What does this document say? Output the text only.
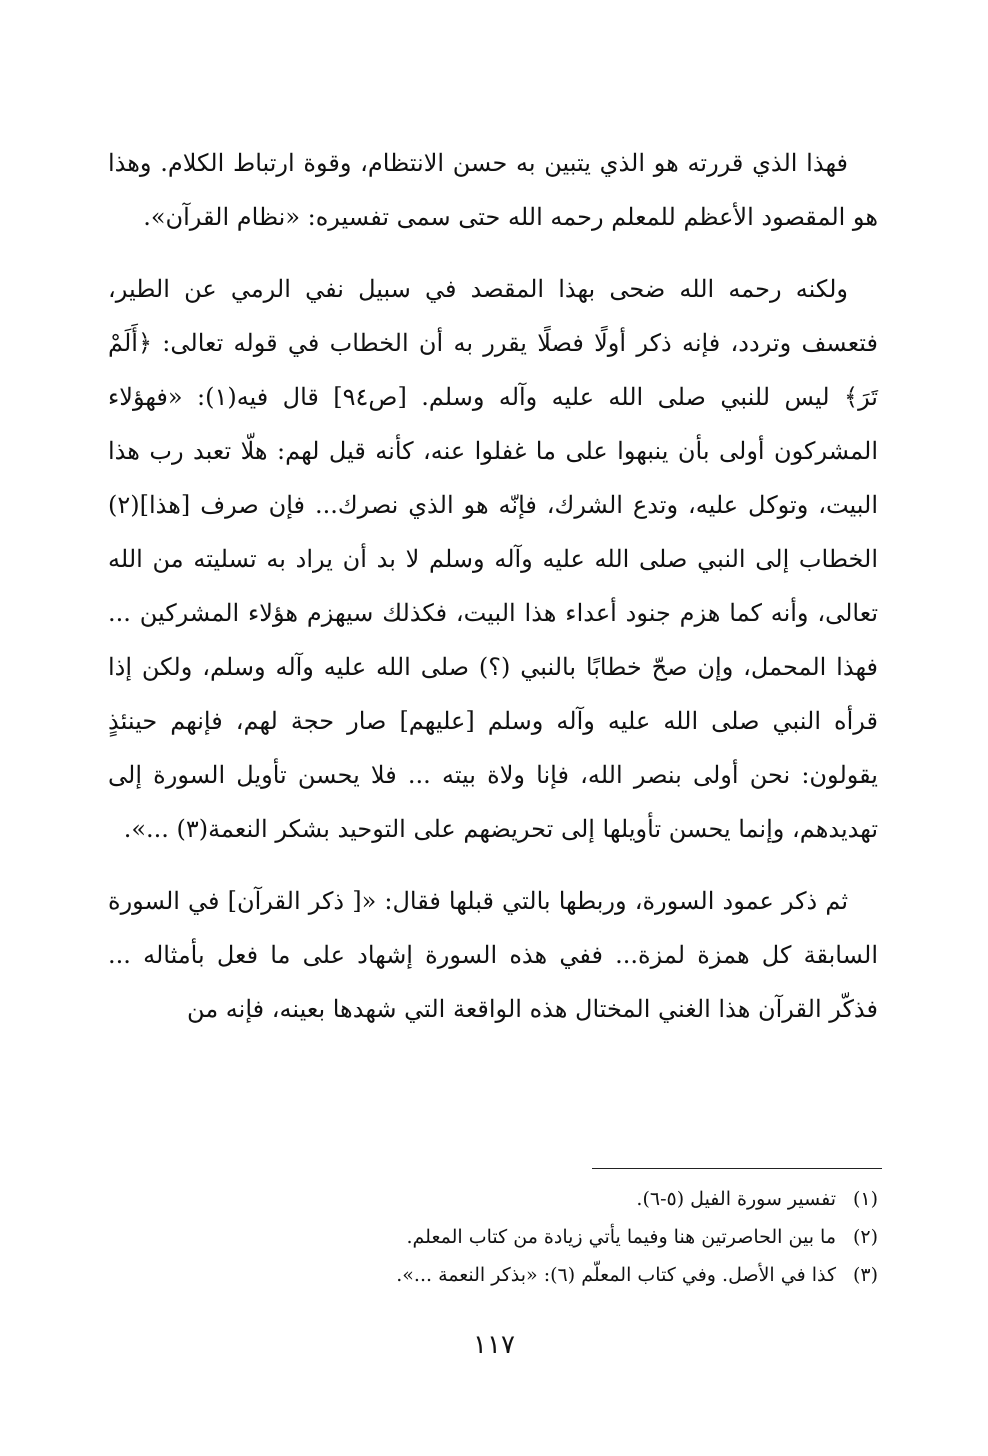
فهذا الذي قررته هو الذي يتبين به حسن الانتظام، وقوة ارتباط الكلام. وهذا هو المقصود الأعظم للمعلم رحمه الله حتى سمى تفسيره: «نظام القرآن».

ولكنه رحمه الله ضحى بهذا المقصد في سبيل نفي الرمي عن الطير، فتعسف وتردد، فإنه ذكر أولًا فصلًا يقرر به أن الخطاب في قوله تعالى: ﴿أَلَمْ تَرَ﴾ ليس للنبي صلى الله عليه وآله وسلم. [ص٩٤] قال فيه(١): «فهؤلاء المشركون أولى بأن ينبهوا على ما غفلوا عنه، كأنه قيل لهم: هلّا تعبد رب هذا البيت، وتوكل عليه، وتدع الشرك، فإنّه هو الذي نصرك... فإن صرف [هذا](٢) الخطاب إلى النبي صلى الله عليه وآله وسلم لا بد أن يراد به تسليته من الله تعالى، وأنه كما هزم جنود أعداء هذا البيت، فكذلك سيهزم هؤلاء المشركين ... فهذا المحمل، وإن صحّ خطابًا بالنبي (؟) صلى الله عليه وآله وسلم، ولكن إذا قرأه النبي صلى الله عليه وآله وسلم [عليهم] صار حجة لهم، فإنهم حينئذٍ يقولون: نحن أولى بنصر الله، فإنا ولاة بيته ... فلا يحسن تأويل السورة إلى تهديدهم، وإنما يحسن تأويلها إلى تحريضهم على التوحيد بشكر النعمة(٣) ...».

ثم ذكر عمود السورة، وربطها بالتي قبلها فقال: «[ ذكر القرآن] في السورة السابقة كل همزة لمزة... ففي هذه السورة إشهاد على ما فعل بأمثاله ... فذكّر القرآن هذا الغني المختال هذه الواقعة التي شهدها بعينه، فإنه من

(١)
تفسير سورة الفيل (٥-٦).

(٢)
ما بين الحاصرتين هنا وفيما يأتي زيادة من كتاب المعلم.

(٣)
كذا في الأصل. وفي كتاب المعلّم (٦): «بذكر النعمة ...».

١١٧
